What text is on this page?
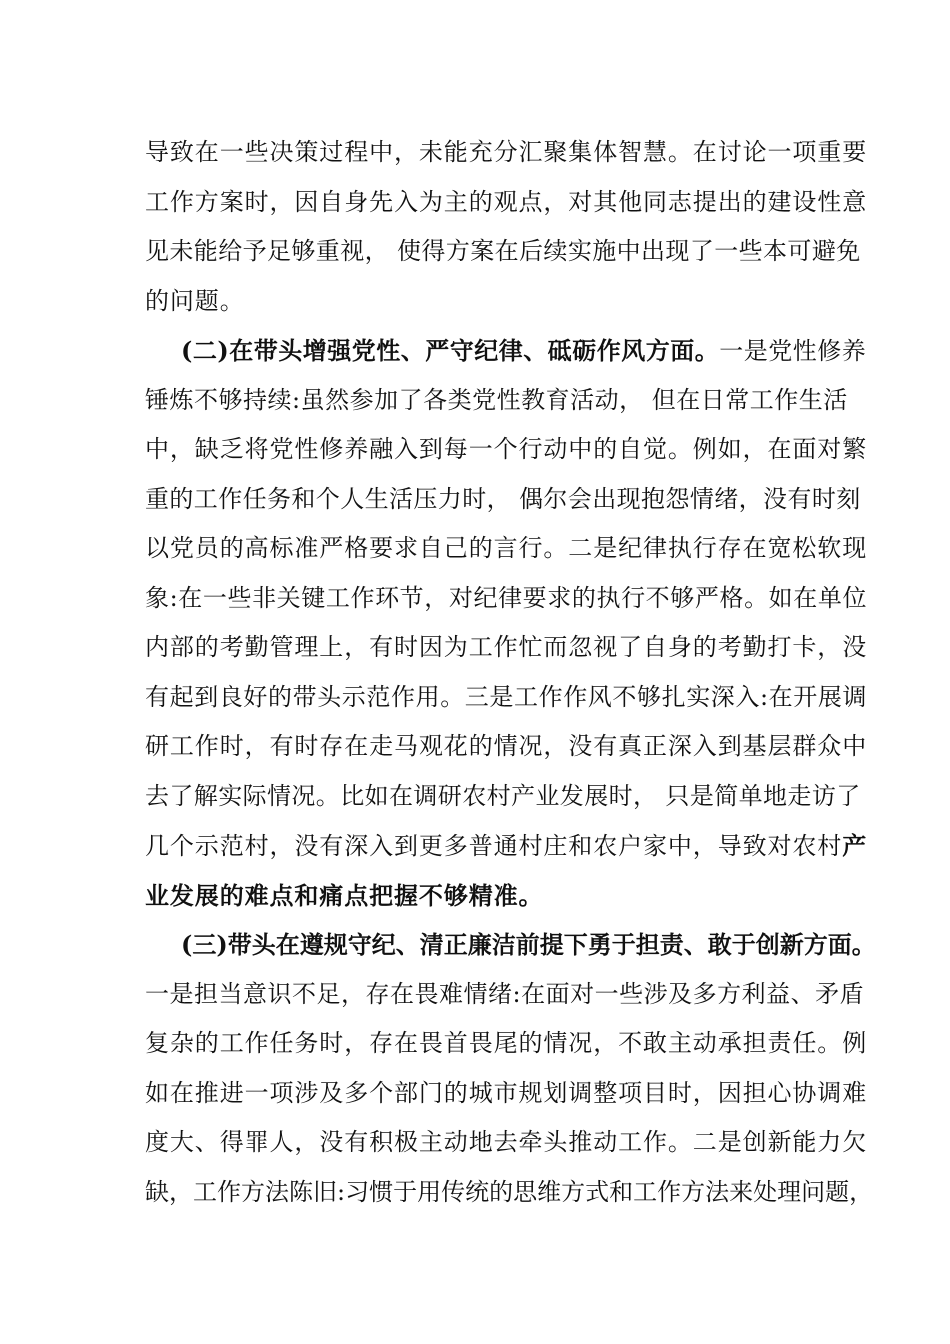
导致在一些决策过程中，未能充分汇聚集体智慧。在讨论一项重要
工作方案时，因自身先入为主的观点，对其他同志提出的建设性意
见未能给予足够重视， 使得方案在后续实施中出现了一些本可避免
的问题。
(二)在带头增强党性、严守纪律、砥砺作风方面。一是党性修养
锤炼不够持续:虽然参加了各类党性教育活动， 但在日常工作生活
中，缺乏将党性修养融入到每一个行动中的自觉。例如，在面对繁
重的工作任务和个人生活压力时， 偶尔会出现抱怨情绪，没有时刻
以党员的高标准严格要求自己的言行。二是纪律执行存在宽松软现
象:在一些非关键工作环节，对纪律要求的执行不够严格。如在单位
内部的考勤管理上，有时因为工作忙而忽视了自身的考勤打卡，没
有起到良好的带头示范作用。三是工作作风不够扎实深入:在开展调
研工作时，有时存在走马观花的情况，没有真正深入到基层群众中
去了解实际情况。比如在调研农村产业发展时， 只是简单地走访了
几个示范村，没有深入到更多普通村庄和农户家中，导致对农村产
业发展的难点和痛点把握不够精准。
(三)带头在遵规守纪、清正廉洁前提下勇于担责、敢于创新方面。
一是担当意识不足，存在畏难情绪:在面对一些涉及多方利益、矛盾
复杂的工作任务时，存在畏首畏尾的情况，不敢主动承担责任。例
如在推进一项涉及多个部门的城市规划调整项目时，因担心协调难
度大、得罪人，没有积极主动地去牵头推动工作。二是创新能力欠
缺，工作方法陈旧:习惯于用传统的思维方式和工作方法来处理问题，
